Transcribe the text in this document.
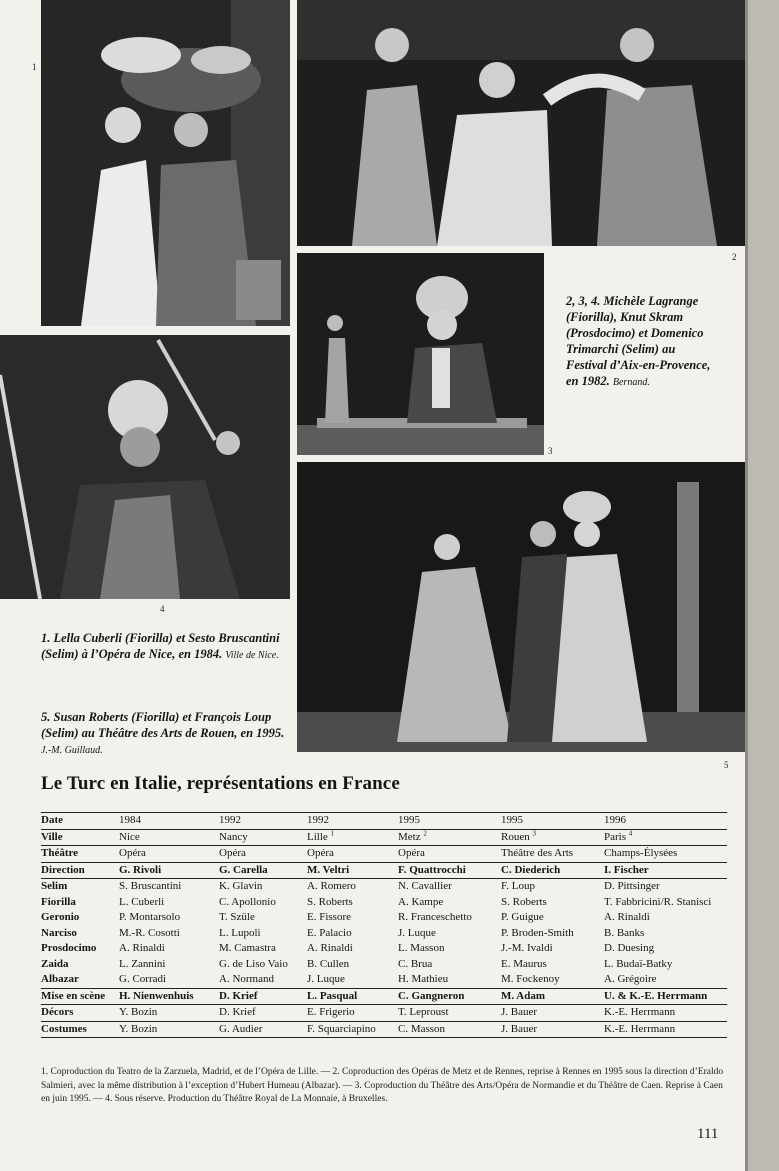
1
2
3
4
5
2, 3, 4. Michèle Lagrange (Fiorilla), Knut Skram (Prosdocimo) et Domenico Trimarchi (Selim) au Festival d’Aix-en-Provence, en 1982. Bernand.
1. Lella Cuberli (Fiorilla) et Sesto Bruscantini (Selim) à l’Opéra de Nice, en 1984. Ville de Nice.
5. Susan Roberts (Fiorilla) et François Loup (Selim) au Théâtre des Arts de Rouen, en 1995. J.-M. Guillaud.
Le Turc en Italie, représentations en France
Date	1984	1992	1992	1995	1995	1996
Ville	Nice	Nancy	Lille $^1$	Metz $^2$	Rouen $^3$	Paris $^4$
Théâtre	Opéra	Opéra	Opéra	Opéra	Théâtre des Arts	Champs-Élysées
Direction	G. Rivoli	G. Carella	M. Veltri	F. Quattrocchi	C. Diederich	I. Fischer
Selim	S. Bruscantini	K. Glavin	A. Romero	N. Cavallier	F. Loup	D. Pittsinger
Fiorilla	L. Cuberli	C. Apollonio	S. Roberts	A. Kampe	S. Roberts	T. Fabbricini/R. Stanisci
Geronio	P. Montarsolo	T. Szüle	E. Fissore	R. Franceschetto	P. Guigue	A. Rinaldi
Narciso	M.-R. Cosotti	L. Lupoli	E. Palacio	J. Luque	P. Broden-Smith	B. Banks
Prosdocimo	A. Rinaldi	M. Camastra	A. Rinaldi	L. Masson	J.-M. Ivaldi	D. Duesing
Zaida	L. Zannini	G. de Liso Vaio	B. Cullen	C. Brua	E. Maurus	L. Budaï-Batky
Albazar	G. Corradi	A. Normand	J. Luque	H. Mathieu	M. Fockenoy	A. Grégoire
Mise en scène	H. Nienwenhuis	D. Krief	L. Pasqual	C. Gangneron	M. Adam	U. & K.-E. Herrmann
Décors	Y. Bozin	D. Krief	E. Frigerio	T. Leproust	J. Bauer	K.-E. Herrmann
Costumes	Y. Bozin	G. Audier	F. Squarciapino	C. Masson	J. Bauer	K.-E. Herrmann
1. Coproduction du Teatro de la Zarzuela, Madrid, et de l’Opéra de Lille. — 2. Coproduction des Opéras de Metz et de Rennes, reprise à Rennes en 1995 sous la direction d’Eraldo Salmieri, avec la même distribution à l’exception d’Hubert Humeau (Albazar). — 3. Coproduction du Théâtre des Arts/Opéra de Normandie et du Théâtre de Caen. Reprise à Caen en juin 1995. — 4. Sous réserve. Production du Théâtre Royal de La Monnaie, à Bruxelles.
111
